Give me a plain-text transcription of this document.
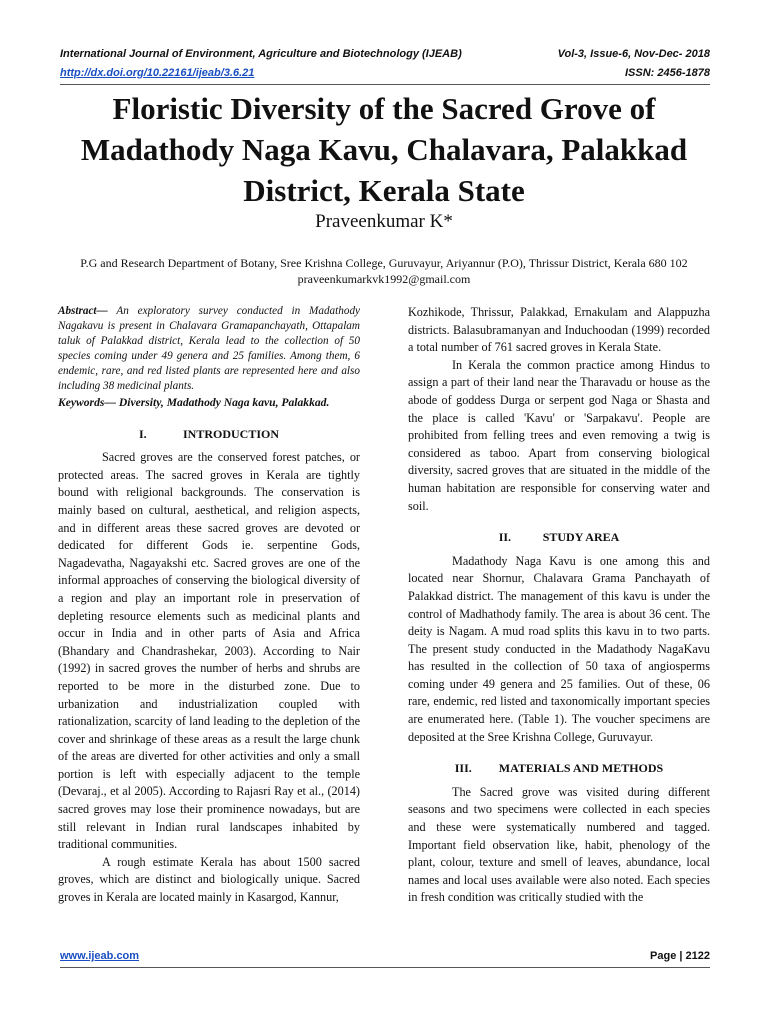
International Journal of Environment, Agriculture and Biotechnology (IJEAB)	Vol-3, Issue-6, Nov-Dec- 2018
http://dx.doi.org/10.22161/ijeab/3.6.21	ISSN: 2456-1878
Floristic Diversity of the Sacred Grove of Madathody Naga Kavu, Chalavara, Palakkad District, Kerala State
Praveenkumar K*
P.G and Research Department of Botany, Sree Krishna College, Guruvayur, Ariyannur (P.O), Thrissur District, Kerala 680 102
praveenkumarkvk1992@gmail.com

Abstract— An exploratory survey conducted in Madathody Nagakavu is present in Chalavara Gramapanchayath, Ottapalam taluk of Palakkad district, Kerala lead to the collection of 50 species coming under 49 genera and 25 families. Among them, 6 endemic, rare, and red listed plants are represented here and also including 38 medicinal plants.

Keywords— Diversity, Madathody Naga kavu, Palakkad.

I.	INTRODUCTION

Sacred groves are the conserved forest patches, or protected areas. The sacred groves in Kerala are tightly bound with religional backgrounds. The conservation is mainly based on cultural, aesthetical, and religion aspects, and in different areas these sacred groves are devoted or dedicated for different Gods ie. serpentine Gods, Nagadevatha, Nagayakshi etc. Sacred groves are one of the informal approaches of conserving the biological diversity of a region and play an important role in preservation of depleting resource elements such as medicinal plants and occur in India and in other parts of Asia and Africa (Bhandary and Chandrashekar, 2003). According to Nair (1992) in sacred groves the number of herbs and shrubs are reported to be more in the disturbed zone. Due to urbanization and industrialization coupled with rationalization, scarcity of land leading to the depletion of the cover and shrinkage of these areas as a result the large chunk of the areas are diverted for other activities and only a small portion is left with especially adjacent to the temple (Devaraj., et al 2005). According to Rajasri Ray et al., (2014) sacred groves may lose their prominence nowadays, but are still relevant in Indian rural landscapes inhabited by traditional communities.

A rough estimate Kerala has about 1500 sacred groves, which are distinct and biologically unique. Sacred groves in Kerala are located mainly in Kasargod, Kannur,

Kozhikode, Thrissur, Palakkad, Ernakulam and Alappuzha districts. Balasubramanyan and Induchoodan (1999) recorded a total number of 761 sacred groves in Kerala State.

In Kerala the common practice among Hindus to assign a part of their land near the Tharavadu or house as the abode of goddess Durga or serpent god Naga or Shasta and the place is called 'Kavu' or 'Sarpakavu'. People are prohibited from felling trees and even removing a twig is considered as taboo. Apart from conserving biological diversity, sacred groves that are situated in the middle of the human habitation are responsible for conserving water and soil.

II.	STUDY AREA

Madathody Naga Kavu is one among this and located near Shornur, Chalavara Grama Panchayath of Palakkad district. The management of this kavu is under the control of Madhathody family. The area is about 36 cent. The deity is Nagam. A mud road splits this kavu in to two parts. The present study conducted in the Madathody NagaKavu has resulted in the collection of 50 taxa of angiosperms coming under 49 genera and 25 families. Out of these, 06 rare, endemic, red listed and taxonomically important species are enumerated here. (Table 1). The voucher specimens are deposited at the Sree Krishna College, Guruvayur.

III. MATERIALS AND METHODS

The Sacred grove was visited during different seasons and two specimens were collected in each species and these were systematically numbered and tagged. Important field observation like, habit, phenology of the plant, colour, texture and smell of leaves, abundance, local names and local uses available were also noted. Each species in fresh condition was critically studied with the

www.ijeab.com	Page | 2122
